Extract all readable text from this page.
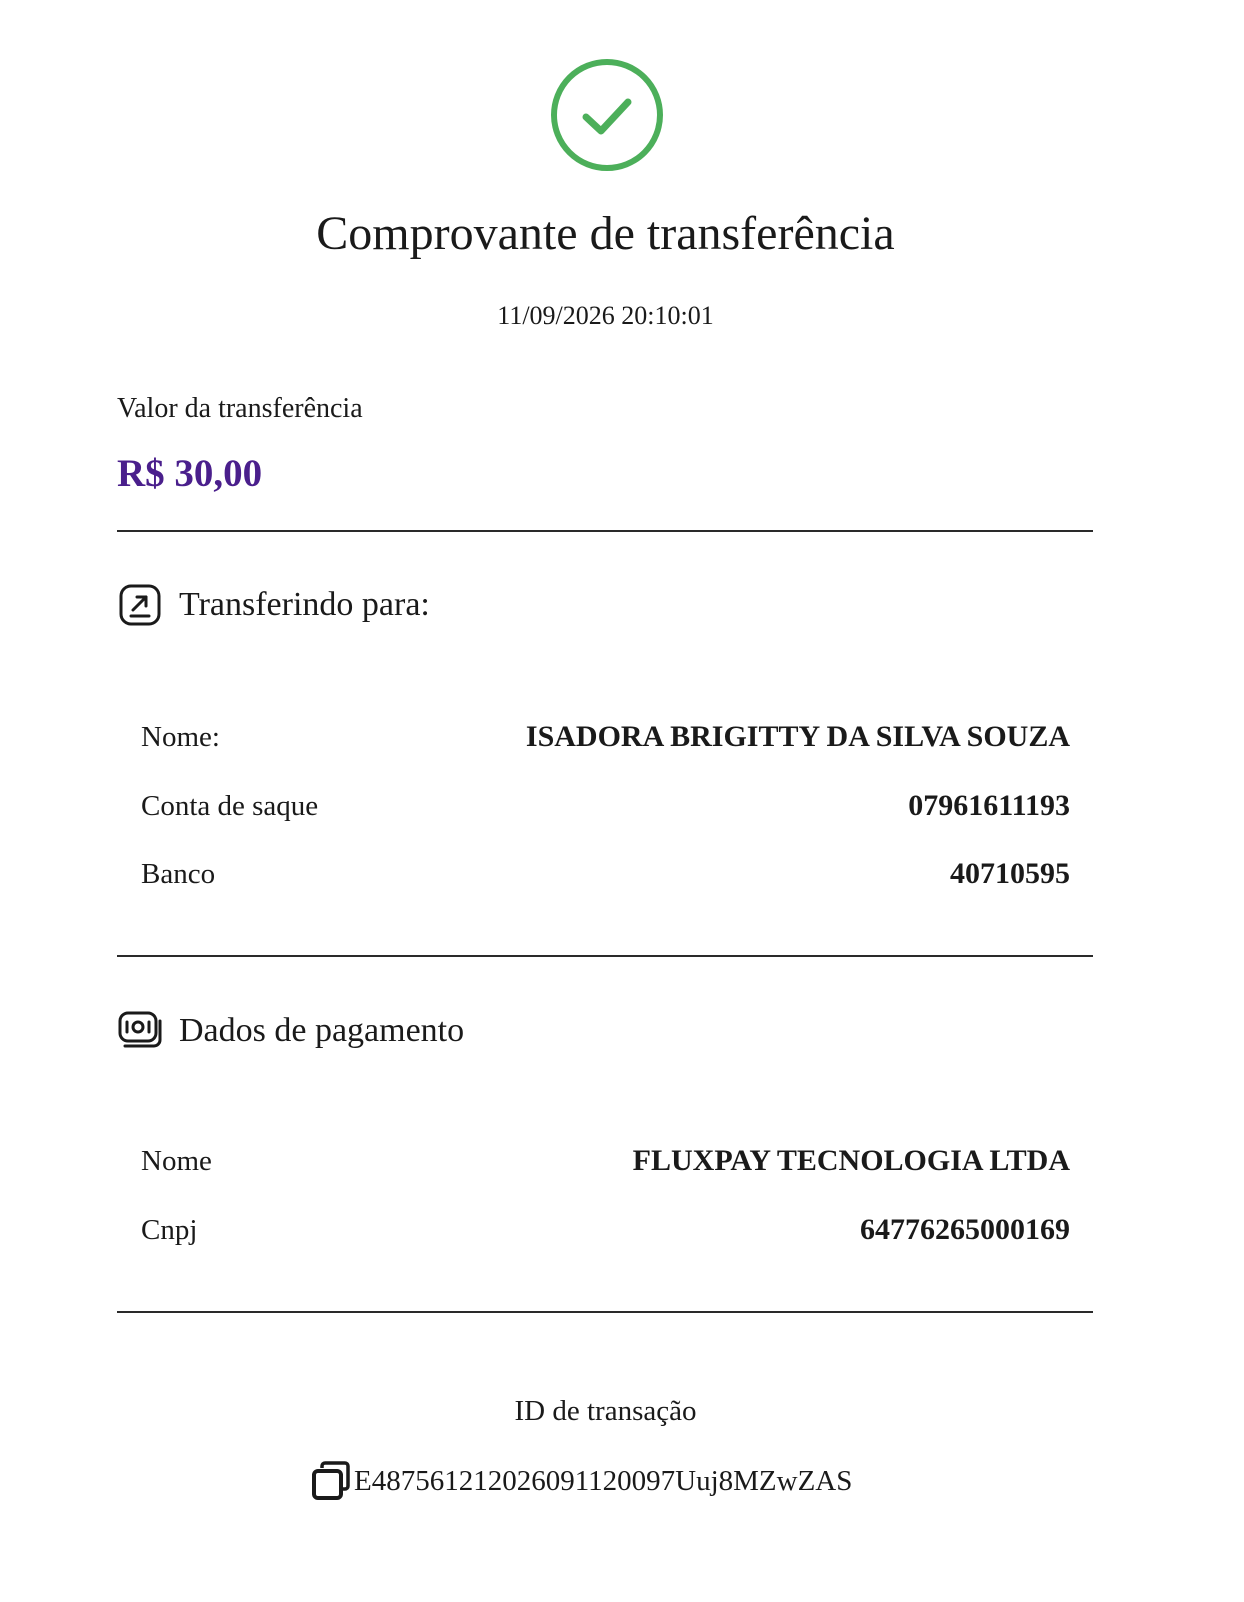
Comprovante de transferência
11/09/2026 20:10:01
Valor da transferência
R$ 30,00
Transferindo para:
Nome:	ISADORA BRIGITTY DA SILVA SOUZA
Conta de saque	07961611193
Banco	40710595
Dados de pagamento
Nome	FLUXPAY TECNOLOGIA LTDA
Cnpj	64776265000169
ID de transação
E48756121202609112009​7Uuj8MZwZAS
